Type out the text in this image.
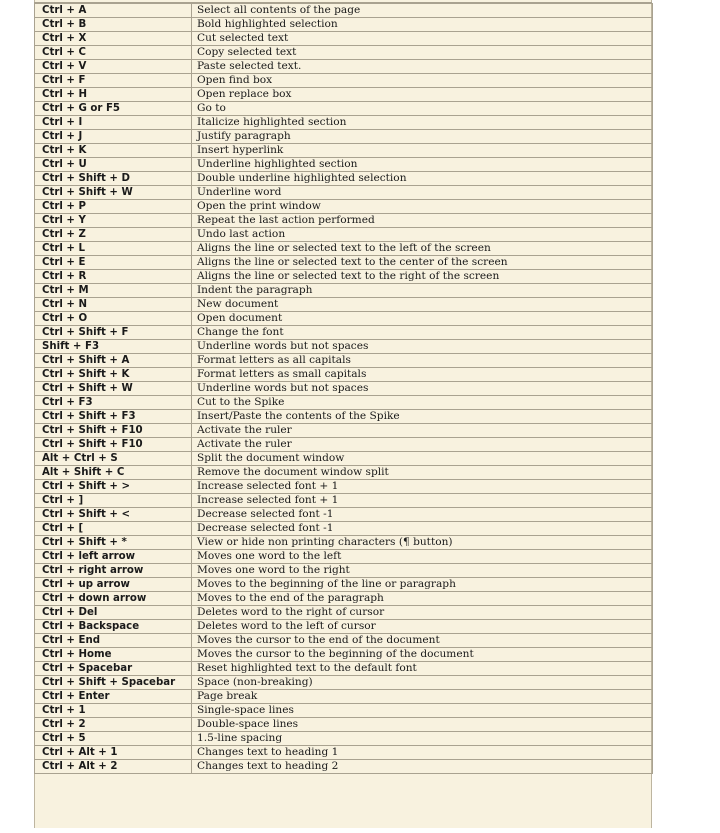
Ctrl + A	Select all contents of the page
Ctrl + B	Bold highlighted selection
Ctrl + X	Cut selected text
Ctrl + C	Copy selected text
Ctrl + V	Paste selected text.
Ctrl + F	Open find box
Ctrl + H	Open replace box
Ctrl + G or F5	Go to
Ctrl + I	Italicize highlighted section
Ctrl + J	Justify paragraph
Ctrl + K	Insert hyperlink
Ctrl + U	Underline highlighted section
Ctrl + Shift + D	Double underline highlighted selection
Ctrl + Shift + W	Underline word
Ctrl + P	Open the print window
Ctrl + Y	Repeat the last action performed
Ctrl + Z	Undo last action
Ctrl + L	Aligns the line or selected text to the left of the screen
Ctrl + E	Aligns the line or selected text to the center of the screen
Ctrl + R	Aligns the line or selected text to the right of the screen
Ctrl + M	Indent the paragraph
Ctrl + N	New document
Ctrl + O	Open document
Ctrl + Shift + F	Change the font
Shift + F3	Underline words but not spaces
Ctrl + Shift + A	Format letters as all capitals
Ctrl + Shift + K	Format letters as small capitals
Ctrl + Shift + W	Underline words but not spaces
Ctrl + F3	Cut to the Spike
Ctrl + Shift + F3	Insert/Paste the contents of the Spike
Ctrl + Shift + F10	Activate the ruler
Ctrl + Shift + F10	Activate the ruler
Alt + Ctrl + S	Split the document window
Alt + Shift + C	Remove the document window split
Ctrl + Shift + >	Increase selected font + 1
Ctrl + ]	Increase selected font + 1
Ctrl + Shift + <	Decrease selected font -1
Ctrl + [	Decrease selected font -1
Ctrl + Shift + *	View or hide non printing characters (¶ button)
Ctrl + left arrow	Moves one word to the left
Ctrl + right arrow	Moves one word to the right
Ctrl + up arrow	Moves to the beginning of the line or paragraph
Ctrl + down arrow	Moves to the end of the paragraph
Ctrl + Del	Deletes word to the right of cursor
Ctrl + Backspace	Deletes word to the left of cursor
Ctrl + End	Moves the cursor to the end of the document
Ctrl + Home	Moves the cursor to the beginning of the document
Ctrl + Spacebar	Reset highlighted text to the default font
Ctrl + Shift + Spacebar	Space (non-breaking)
Ctrl + Enter	Page break
Ctrl + 1	Single-space lines
Ctrl + 2	Double-space lines
Ctrl + 5	1.5-line spacing
Ctrl + Alt + 1	Changes text to heading 1
Ctrl + Alt + 2	Changes text to heading 2
